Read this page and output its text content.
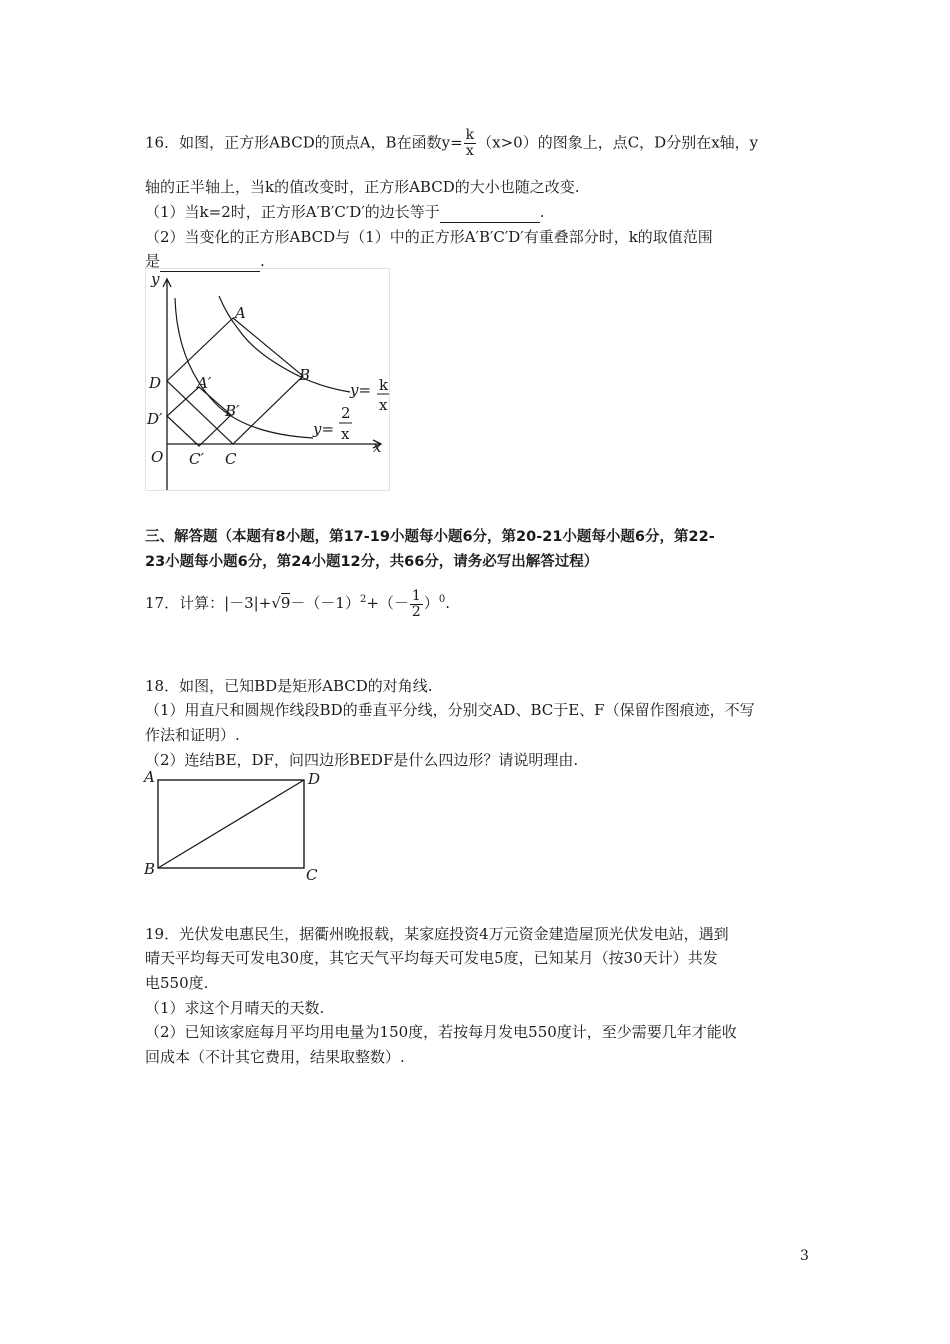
16．如图，正方形ABCD的顶点A，B在函数$y= \frac{k}{x} (x>0)$的图象上，点C，D分别在x轴，y
轴的正半轴上，当k的值改变时，正方形ABCD的大小也随之改变.
（1）当k=2时，正方形A′B′C′D′的边长等于	.
（2）当变化的正方形ABCD与（1）中的正方形A′B′C′D′有重叠部分时，k的取值范围
是	.
y
x
O
A
B
C
D A′
B′
C′
D′
y= k
x
y=
2
x
三、解答题（本题有8小题，第17-19小题每小题6分，第20-21小题每小题6分，第22-
23小题每小题6分，第24小题12分，共66分，请务必写出解答过程）
17．计算：$|-3|+√9-(-1)^2+(- \frac{1}{2} )^0$.
18．如图，已知BD是矩形ABCD的对角线.
（1）用直尺和圆规作线段BD的垂直平分线，分别交AD、BC于E、F（保留作图痕迹，不写
作法和证明）.
（2）连结BE，DF，问四边形BEDF是什么四边形？请说明理由.
A	D
B	C
19．光伏发电惠民生，据衢州晚报载，某家庭投资4万元资金建造屋顶光伏发电站，遇到
晴天平均每天可发电30度，其它天气平均每天可发电5度，已知某月（按30天计）共发
电550度.
（1）求这个月晴天的天数.
（2）已知该家庭每月平均用电量为150度，若按每月发电550度计，至少需要几年才能收
回成本（不计其它费用，结果取整数）.
3
